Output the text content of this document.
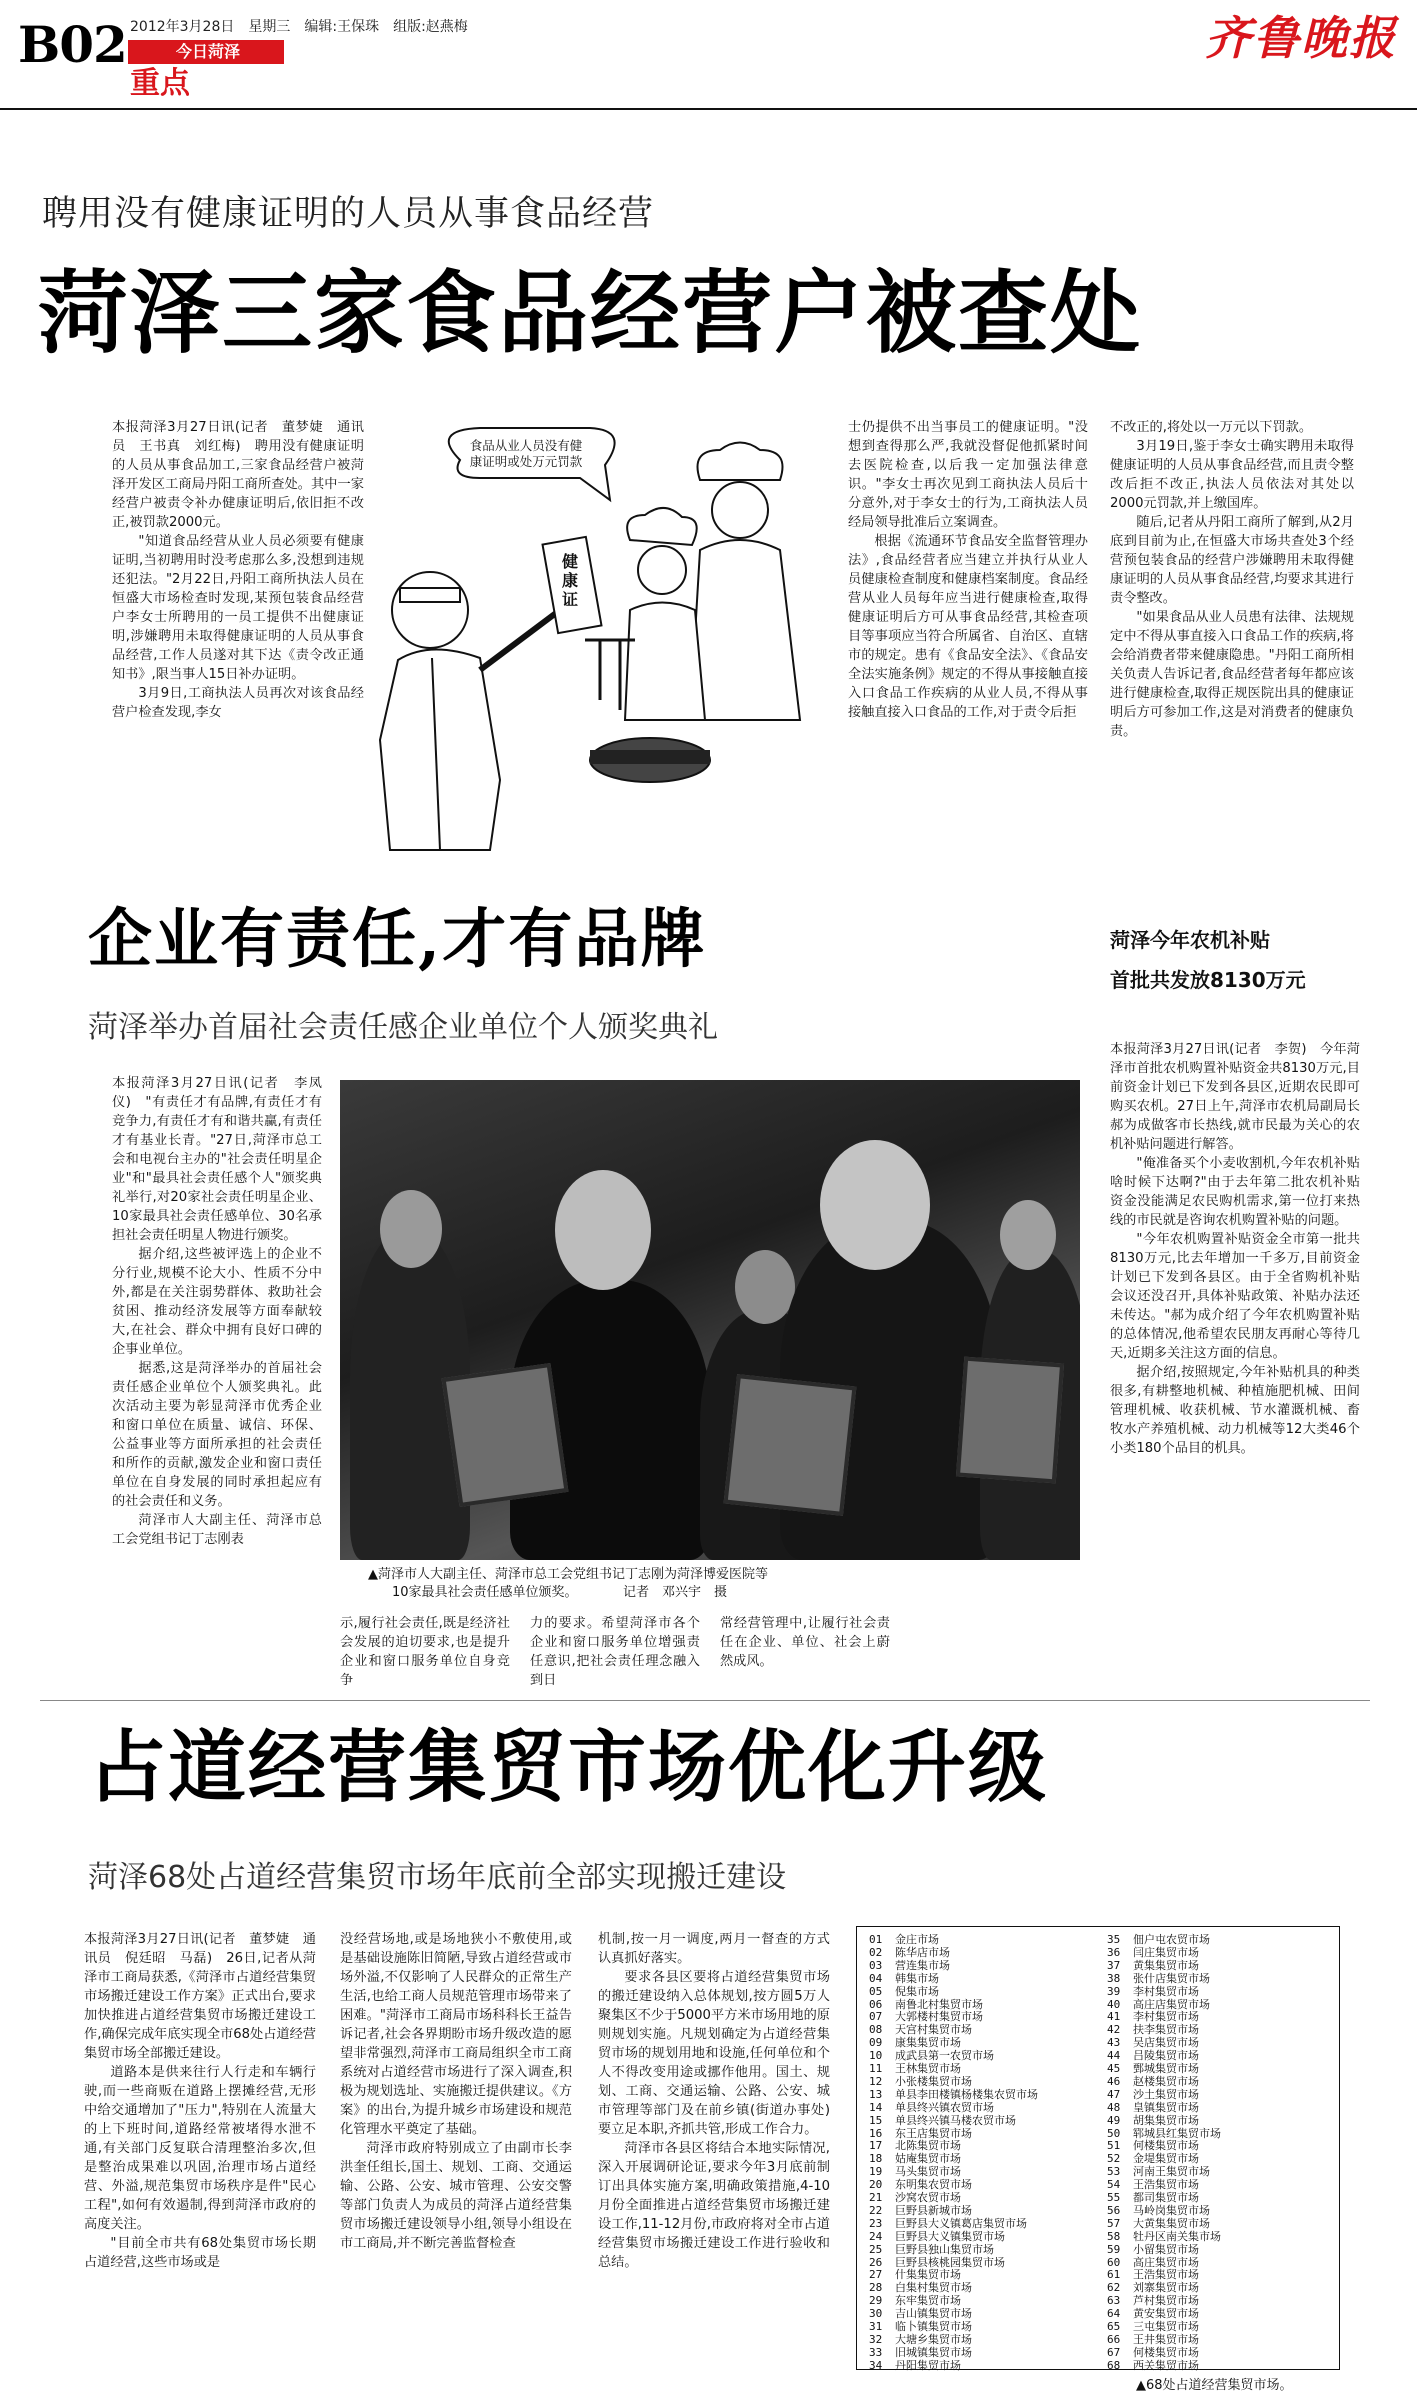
B02 2012年3月28日　星期三　编辑:王保珠　组版:赵燕梅
今日菏泽
重点
齐鲁晚报
聘用没有健康证明的人员从事食品经营
菏泽三家食品经营户被查处

本报菏泽3月27日讯(记者　董梦婕　通讯员　王书真　刘红梅)　聘用没有健康证明的人员从事食品加工,三家食品经营户被菏泽开发区工商局丹阳工商所查处。其中一家经营户被责令补办健康证明后,依旧拒不改正,被罚款2000元。

"知道食品经营从业人员必须要有健康证明,当初聘用时没考虑那么多,没想到违规还犯法。"2月22日,丹阳工商所执法人员在恒盛大市场检查时发现,某预包装食品经营户李女士所聘用的一员工提供不出健康证明,涉嫌聘用未取得健康证明的人员从事食品经营,工作人员遂对其下达《责令改正通知书》,限当事人15日补办证明。

3月9日,工商执法人员再次对该食品经营户检查发现,李女

食品从业人员没有健康证明或处万元罚款
健康证

士仍提供不出当事员工的健康证明。"没想到查得那么严,我就没督促他抓紧时间去医院检查,以后我一定加强法律意识。"李女士再次见到工商执法人员后十分意外,对于李女士的行为,工商执法人员经局领导批准后立案调查。

根据《流通环节食品安全监督管理办法》,食品经营者应当建立并执行从业人员健康检查制度和健康档案制度。食品经营从业人员每年应当进行健康检查,取得健康证明后方可从事食品经营,其检查项目等事项应当符合所属省、自治区、直辖市的规定。患有《食品安全法》、《食品安全法实施条例》规定的不得从事接触直接入口食品工作疾病的从业人员,不得从事接触直接入口食品的工作,对于责令后拒

不改正的,将处以一万元以下罚款。

3月19日,鉴于李女士确实聘用未取得健康证明的人员从事食品经营,而且责令整改后拒不改正,执法人员依法对其处以2000元罚款,并上缴国库。

随后,记者从丹阳工商所了解到,从2月底到目前为止,在恒盛大市场共查处3个经营预包装食品的经营户涉嫌聘用未取得健康证明的人员从事食品经营,均要求其进行责令整改。

"如果食品从业人员患有法律、法规规定中不得从事直接入口食品工作的疾病,将会给消费者带来健康隐患。"丹阳工商所相关负责人告诉记者,食品经营者每年都应该进行健康检查,取得正规医院出具的健康证明后方可参加工作,这是对消费者的健康负责。

企业有责任,才有品牌
菏泽举办首届社会责任感企业单位个人颁奖典礼

本报菏泽3月27日讯(记者　李凤仪)　"有责任才有品牌,有责任才有竞争力,有责任才有和谐共赢,有责任才有基业长青。"27日,菏泽市总工会和电视台主办的"社会责任明星企业"和"最具社会责任感个人"颁奖典礼举行,对20家社会责任明星企业、10家最具社会责任感单位、30名承担社会责任明星人物进行颁奖。

据介绍,这些被评选上的企业不分行业,规模不论大小、性质不分中外,都是在关注弱势群体、救助社会贫困、推动经济发展等方面奉献较大,在社会、群众中拥有良好口碑的企事业单位。

据悉,这是菏泽举办的首届社会责任感企业单位个人颁奖典礼。此次活动主要为彰显菏泽市优秀企业和窗口单位在质量、诚信、环保、公益事业等方面所承担的社会责任和所作的贡献,激发企业和窗口责任单位在自身发展的同时承担起应有的社会责任和义务。

菏泽市人大副主任、菏泽市总工会党组书记丁志刚表

▲菏泽市人大副主任、菏泽市总工会党组书记丁志刚为菏泽博爱医院等
10家最具社会责任感单位颁奖。　　　　记者　邓兴宇　摄
示,履行社会责任,既是经济社会发展的迫切要求,也是提升企业和窗口服务单位自身竞争
力的要求。希望菏泽市各个企业和窗口服务单位增强责任意识,把社会责任理念融入到日
常经营管理中,让履行社会责任在企业、单位、社会上蔚然成风。
菏泽今年农机补贴
首批共发放8130万元

本报菏泽3月27日讯(记者　李贺)　今年菏泽市首批农机购置补贴资金共8130万元,目前资金计划已下发到各县区,近期农民即可购买农机。27日上午,菏泽市农机局副局长郝为成做客市长热线,就市民最为关心的农机补贴问题进行解答。

"俺准备买个小麦收割机,今年农机补贴啥时候下达啊?"由于去年第二批农机补贴资金没能满足农民购机需求,第一位打来热线的市民就是咨询农机购置补贴的问题。

"今年农机购置补贴资金全市第一批共8130万元,比去年增加一千多万,目前资金计划已下发到各县区。由于全省购机补贴会议还没召开,具体补贴政策、补贴办法还未传达。"郝为成介绍了今年农机购置补贴的总体情况,他希望农民朋友再耐心等待几天,近期多关注这方面的信息。

据介绍,按照规定,今年补贴机具的种类很多,有耕整地机械、种植施肥机械、田间管理机械、收获机械、节水灌溉机械、畜牧水产养殖机械、动力机械等12大类46个小类180个品目的机具。

占道经营集贸市场优化升级
菏泽68处占道经营集贸市场年底前全部实现搬迁建设

本报菏泽3月27日讯(记者　董梦婕　通讯员　倪廷昭　马磊)　26日,记者从菏泽市工商局获悉,《菏泽市占道经营集贸市场搬迁建设工作方案》正式出台,要求加快推进占道经营集贸市场搬迁建设工作,确保完成年底实现全市68处占道经营集贸市场全部搬迁建设。

道路本是供来往行人行走和车辆行驶,而一些商贩在道路上摆摊经营,无形中给交通增加了"压力",特别在人流量大的上下班时间,道路经常被堵得水泄不通,有关部门反复联合清理整治多次,但是整治成果难以巩固,治理市场占道经营、外溢,规范集贸市场秩序是件"民心工程",如何有效遏制,得到菏泽市政府的高度关注。

"目前全市共有68处集贸市场长期占道经营,这些市场或是

没经营场地,或是场地狭小不敷使用,或是基础设施陈旧简陋,导致占道经营或市场外溢,不仅影响了人民群众的正常生产生活,也给工商人员规范管理市场带来了困难。"菏泽市工商局市场科科长王益告诉记者,社会各界期盼市场升级改造的愿望非常强烈,菏泽市工商局组织全市工商系统对占道经营市场进行了深入调查,积极为规划选址、实施搬迁提供建议。《方案》的出台,为提升城乡市场建设和规范化管理水平奠定了基础。

菏泽市政府特别成立了由副市长李洪奎任组长,国土、规划、工商、交通运输、公路、公安、城市管理、公安交警等部门负责人为成员的菏泽占道经营集贸市场搬迁建设领导小组,领导小组设在市工商局,并不断完善监督检查

机制,按一月一调度,两月一督查的方式认真抓好落实。

要求各县区要将占道经营集贸市场的搬迁建设纳入总体规划,按方圆5万人聚集区不少于5000平方米市场用地的原则规划实施。凡规划确定为占道经营集贸市场的规划用地和设施,任何单位和个人不得改变用途或挪作他用。国土、规划、工商、交通运输、公路、公安、城市管理等部门及在前乡镇(街道办事处)要立足本职,齐抓共管,形成工作合力。

菏泽市各县区将结合本地实际情况,深入开展调研论证,要求今年3月底前制订出具体实施方案,明确政策措施,4-10月份全面推进占道经营集贸市场搬迁建设工作,11-12月份,市政府将对全市占道经营集贸市场搬迁建设工作进行验收和总结。

01 金庄市场
02 陈华店市场
03 营连集市场
04 韩集市场
05 倪集市场
06 南鲁北村集贸市场
07 大郭楼村集贸市场
08 天宫村集贸市场
09 康集集贸市场
10 成武县第一农贸市场
11 王林集贸市场
12 小张楼集贸市场
13 单县李田楼镇杨楼集农贸市场
14 单县终兴镇农贸市场
15 单县终兴镇马楼农贸市场
16 东王店集贸市场
17 北陈集贸市场
18 姑庵集贸市场
19 马头集贸市场
20 东明集农贸市场
21 沙窝农贸市场
22 巨野县新城市场
23 巨野县大义镇葛店集贸市场
24 巨野县大义镇集贸市场
25 巨野县独山集贸市场
26 巨野县核桃园集贸市场
27 什集集贸市场
28 白集村集贸市场
29 东牢集贸市场
30 吉山镇集贸市场
31 临卜镇集贸市场
32 大塘乡集贸市场
33 旧城镇集贸市场
34 丹阳集贸市场
35 佃户屯农贸市场
36 闫庄集贸市场
37 黄集集贸市场
38 张什店集贸市场
39 李村集贸市场
40 高庄店集贸市场
41 李村集贸市场
42 扶李集贸市场
43 吴店集贸市场
44 吕陵集贸市场
45 鄄城集贸市场
46 赵楼集贸市场
47 沙土集贸市场
48 皇镇集贸市场
49 胡集集贸市场
50 郓城县红集贸市场
51 何楼集贸市场
52 金堤集贸市场
53 河南王集贸市场
54 王浩集贸市场
55 都司集贸市场
56 马岭岗集贸市场
57 大黄集集贸市场
58 牡丹区南关集市场
59 小留集贸市场
60 高庄集贸市场
61 王浩集贸市场
62 刘寨集贸市场
63 芦村集贸市场
64 黄安集贸市场
65 三屯集贸市场
66 王井集贸市场
67 何楼集贸市场
68 西关集贸市场
▲68处占道经营集贸市场。
